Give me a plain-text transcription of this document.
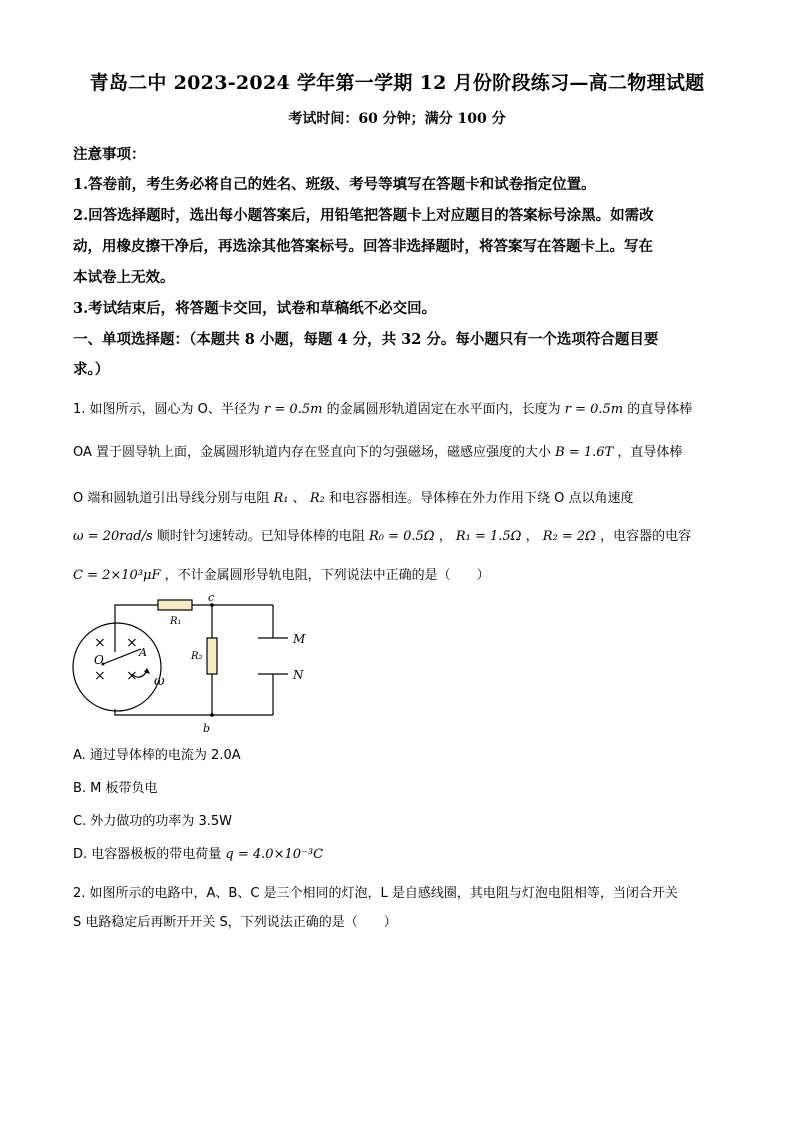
青岛二中 2023-2024 学年第一学期 12 月份阶段练习—高二物理试题
考试时间：60 分钟；满分 100 分
注意事项：
1.答卷前，考生务必将自己的姓名、班级、考号等填写在答题卡和试卷指定位置。
2.回答选择题时，选出每小题答案后，用铅笔把答题卡上对应题目的答案标号涂黑。如需改
动，用橡皮擦干净后，再选涂其他答案标号。回答非选择题时，将答案写在答题卡上。写在
本试卷上无效。
3.考试结束后，将答题卡交回，试卷和草稿纸不必交回。
一、单项选择题：（本题共 8 小题，每题 4 分，共 32 分。每小题只有一个选项符合题目要
求。）
1. 如图所示，圆心为 O、半径为 r = 0.5m 的金属圆形轨道固定在水平面内，长度为 r = 0.5m 的直导体棒
OA 置于圆导轨上面，金属圆形轨道内存在竖直向下的匀强磁场，磁感应强度的大小 B = 1.6T ，直导体棒
O 端和圆轨道引出导线分别与电阻 R₁ 、 R₂ 和电容器相连。导体棒在外力作用下绕 O 点以角速度
ω = 20rad/s 顺时针匀速转动。已知导体棒的电阻 R₀ = 0.5Ω ， R₁ = 1.5Ω ， R₂ = 2Ω ，电容器的电容
C = 2×10³μF ，不计金属圆形导轨电阻，下列说法中正确的是（　　）
× ×
× ×
c
b
R₁
R₂
M
N
O
A
ω
A. 通过导体棒的电流为 2.0A
B. M 板带负电
C. 外力做功的功率为 3.5W
D. 电容器极板的带电荷量 q = 4.0×10⁻³C
2. 如图所示的电路中，A、B、C 是三个相同的灯泡，L 是自感线圈，其电阻与灯泡电阻相等，当闭合开关
S 电路稳定后再断开开关 S，下列说法正确的是（　　）
